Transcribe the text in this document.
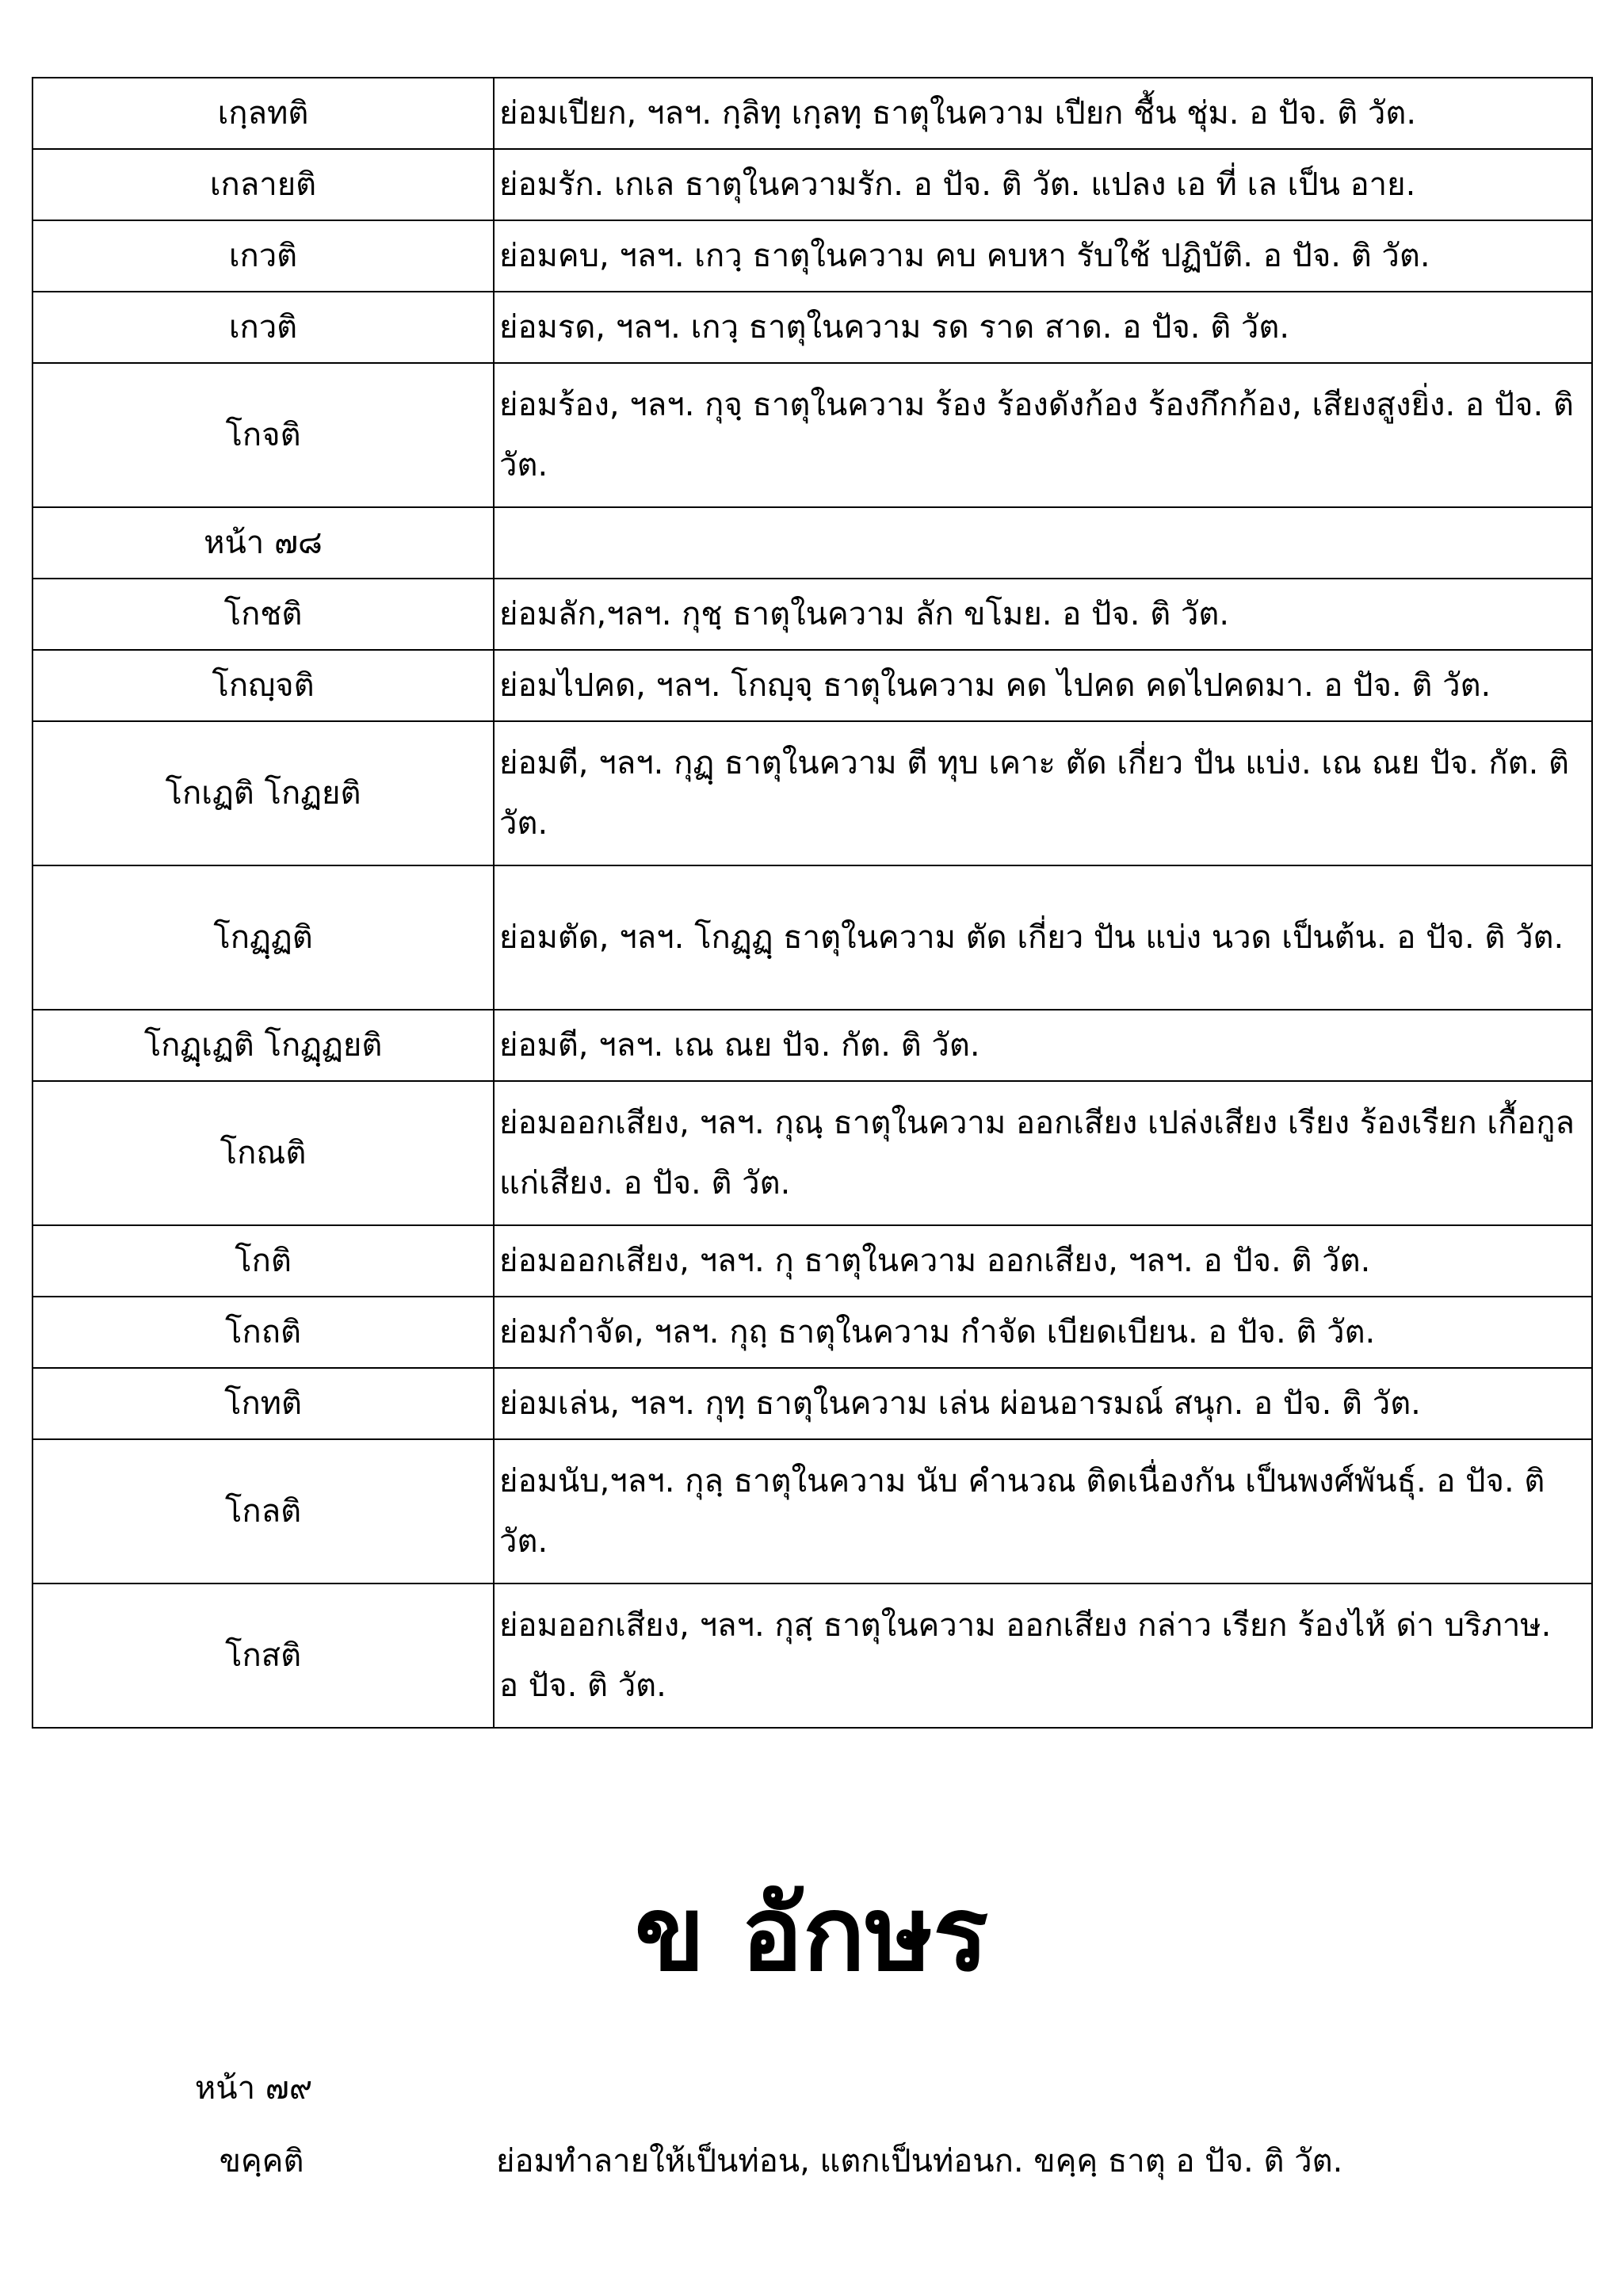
เกฺลทติ	ย่อมเปียก, ฯลฯ. กฺลิทฺ เกฺลทฺ ธาตุในความ เปียก ชื้น ชุ่ม. อ ปัจ. ติ วัต.
เกลายติ	ย่อมรัก. เกเล ธาตุในความรัก. อ ปัจ. ติ วัต. แปลง เอ ที่ เล เป็น อาย.
เกวติ	ย่อมคบ, ฯลฯ. เกวฺ ธาตุในความ คบ คบหา รับใช้ ปฏิบัติ. อ ปัจ. ติ วัต.
เกวติ	ย่อมรด, ฯลฯ. เกวฺ ธาตุในความ รด ราด สาด. อ ปัจ. ติ วัต.
โกจติ	ย่อมร้อง, ฯลฯ. กุจฺ ธาตุในความ ร้อง ร้องดังก้อง ร้องกึกก้อง, เสียงสูงยิ่ง. อ ปัจ. ติ วัต.
หน้า ๗๘	
โกชติ	ย่อมลัก,ฯลฯ. กุชฺ ธาตุในความ ลัก ขโมย. อ ปัจ. ติ วัต.
โกญฺจติ	ย่อมไปคด, ฯลฯ. โกญฺจฺ ธาตุในความ คด ไปคด คดไปคดมา. อ ปัจ. ติ วัต.
โกเฏติ โกฏยติ	ย่อมตี, ฯลฯ. กุฏฺ ธาตุในความ ตี ทุบ เคาะ ตัด เกี่ยว ปัน แบ่ง. เณ ณย ปัจ. กัต. ติ วัต.
โกฏฺฏติ	ย่อมตัด, ฯลฯ. โกฏฺฏฺ ธาตุในความ ตัด เกี่ยว ปัน แบ่ง นวด เป็นต้น. อ ปัจ. ติ วัต.
โกฏฺเฏติ โกฏฺฏยติ	ย่อมตี, ฯลฯ. เณ ณย ปัจ. กัต. ติ วัต.
โกณติ	ย่อมออกเสียง, ฯลฯ. กุณฺ ธาตุในความ ออกเสียง เปล่งเสียง เรียง ร้องเรียก เกื้อกูลแก่เสียง. อ ปัจ. ติ วัต.
โกติ	ย่อมออกเสียง, ฯลฯ. กุ ธาตุในความ ออกเสียง, ฯลฯ. อ ปัจ. ติ วัต.
โกถติ	ย่อมกำจัด, ฯลฯ. กุถฺ ธาตุในความ กำจัด เบียดเบียน. อ ปัจ. ติ วัต.
โกทติ	ย่อมเล่น, ฯลฯ. กุทฺ ธาตุในความ เล่น ผ่อนอารมณ์ สนุก. อ ปัจ. ติ วัต.
โกลติ	ย่อมนับ,ฯลฯ. กุลฺ ธาตุในความ นับ คำนวณ ติดเนื่องกัน เป็นพงศ์พันธุ์. อ ปัจ. ติ วัต.
โกสติ	ย่อมออกเสียง, ฯลฯ. กุสฺ ธาตุในความ ออกเสียง กล่าว เรียก ร้องไห้ ด่า บริภาษ. อ ปัจ. ติ วัต.
ข อักษร
หน้า ๗๙
ขคฺคติ	ย่อมทำลายให้เป็นท่อน, แตกเป็นท่อนก. ขคฺคฺ ธาตุ อ ปัจ. ติ วัต.
